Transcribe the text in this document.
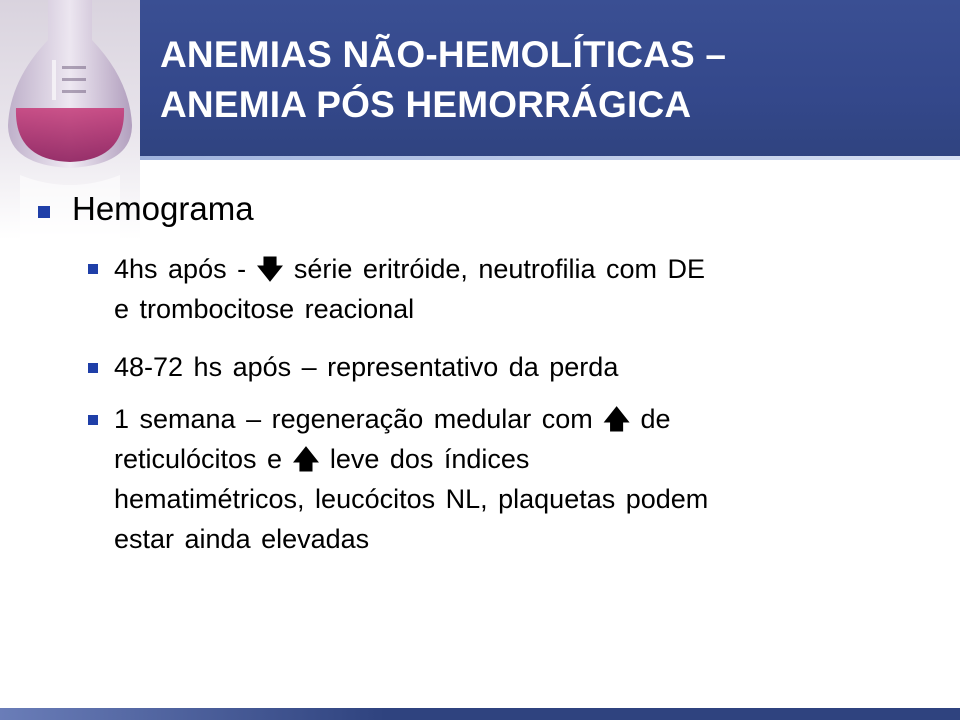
ANEMIAS NÃO-HEMOLÍTICAS –
ANEMIA PÓS HEMORRÁGICA
Hemograma
4hs após - 🡇 série eritróide, neutrofilia com DE
e trombocitose reacional
48-72 hs após – representativo da perda
1 semana – regeneração medular com 🡅 de
reticulócitos e 🡅 leve dos índices
hematimétricos, leucócitos NL, plaquetas podem
estar ainda elevadas
